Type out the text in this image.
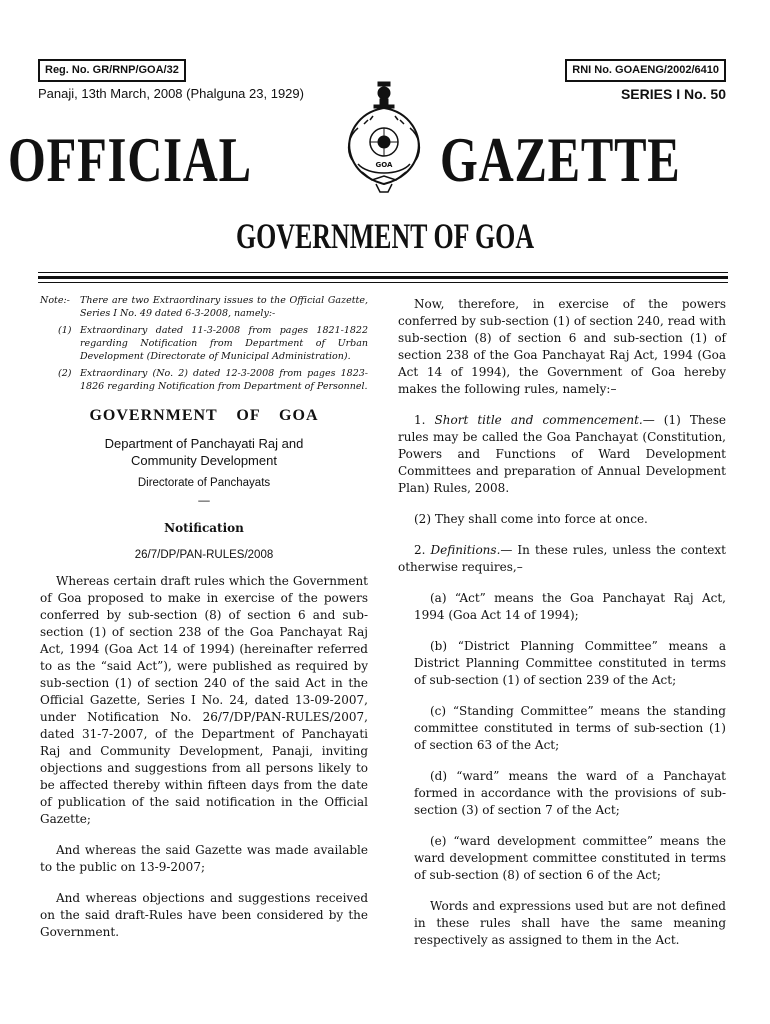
Reg. No. GR/RNP/GOA/32	RNI No. GOAENG/2002/6410
Panaji, 13th March, 2008 (Phalguna 23, 1929)	SERIES I No. 50
GOA
OFFICIAL	GAZETTE
GOVERNMENT OF GOA
Note:-	There are two Extraordinary issues to the Official Gazette, Series I No. 49 dated 6-3-2008, namely:-
(1) Extraordinary dated 11-3-2008 from pages 1821-1822 regarding Notification from Department of Urban Development (Directorate of Municipal Administration).
(2) Extraordinary (No. 2) dated 12-3-2008 from pages 1823-1826 regarding Notification from Department of Personnel.
GOVERNMENT OF GOA
Department of Panchayati Raj and
Community Development
Directorate of Panchayats
—
Notification
26/7/DP/PAN-RULES/2008

Whereas certain draft rules which the Government of Goa proposed to make in exercise of the powers conferred by sub-section (8) of section 6 and sub-section (1) of section 238 of the Goa Panchayat Raj Act, 1994 (Goa Act 14 of 1994) (hereinafter referred to as the “said Act”), were published as required by sub-section (1) of section 240 of the said Act in the Official Gazette, Series I No. 24, dated 13-09-2007, under Notification No. 26/7/DP/PAN-RULES/2007, dated 31-7-2007, of the Department of Panchayati Raj and Community Development, Panaji, inviting objections and suggestions from all persons likely to be affected thereby within fifteen days from the date of publication of the said notification in the Official Gazette;

And whereas the said Gazette was made available to the public on 13-9-2007;

And whereas objections and suggestions received on the said draft-Rules have been considered by the Government.

Now, therefore, in exercise of the powers conferred by sub-section (1) of section 240, read with sub-section (8) of section 6 and sub-section (1) of section 238 of the Goa Panchayat Raj Act, 1994 (Goa Act 14 of 1994), the Government of Goa hereby makes the following rules, namely:–

1. Short title and commencement.— (1) These rules may be called the Goa Panchayat (Constitution, Powers and Functions of Ward Development Committees and preparation of Annual Development Plan) Rules, 2008.

(2) They shall come into force at once.

2. Definitions.— In these rules, unless the context otherwise requires,–

(a) “Act” means the Goa Panchayat Raj Act, 1994 (Goa Act 14 of 1994);

(b) “District Planning Committee” means a District Planning Committee constituted in terms of sub-section (1) of section 239 of the Act;

(c) “Standing Committee” means the standing committee constituted in terms of sub-section (1) of section 63 of the Act;

(d) “ward” means the ward of a Panchayat formed in accordance with the provisions of sub-section (3) of section 7 of the Act;

(e) “ward development committee” means the ward development committee constituted in terms of sub-section (8) of section 6 of the Act;

Words and expressions used but are not defined in these rules shall have the same meaning respectively as assigned to them in the Act.
